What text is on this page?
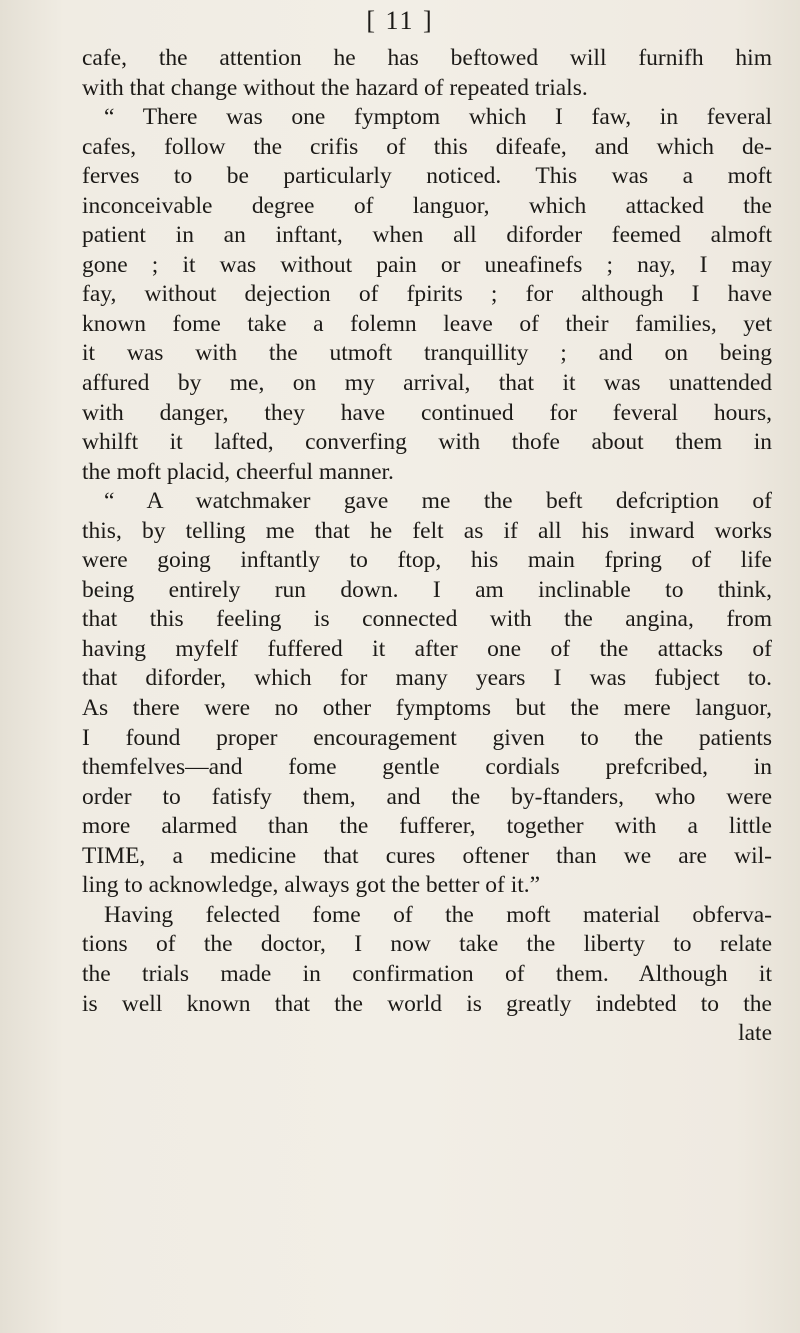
[ 11 ]
cafe, the attention he has beftowed will furnifh him
with that change without the hazard of repeated trials.
“ There was one fymptom which I faw, in feveral
cafes, follow the crifis of this difeafe, and which de-
ferves to be particularly noticed. This was a moft
inconceivable degree of languor, which attacked the
patient in an inftant, when all diforder feemed almoft
gone ; it was without pain or uneafinefs ; nay, I may
fay, without dejection of fpirits ; for although I have
known fome take a folemn leave of their families, yet
it was with the utmoft tranquillity ; and on being
affured by me, on my arrival, that it was unattended
with danger, they have continued for feveral hours,
whilft it lafted, converfing with thofe about them in
the moft placid, cheerful manner.
“ A watchmaker gave me the beft defcription of
this, by telling me that he felt as if all his inward works
were going inftantly to ftop, his main fpring of life
being entirely run down. I am inclinable to think,
that this feeling is connected with the angina, from
having myfelf fuffered it after one of the attacks of
that diforder, which for many years I was fubject to.
As there were no other fymptoms but the mere languor,
I found proper encouragement given to the patients
themfelves—and fome gentle cordials prefcribed, in
order to fatisfy them, and the by-ftanders, who were
more alarmed than the fufferer, together with a little
TIME, a medicine that cures oftener than we are wil-
ling to acknowledge, always got the better of it.”
Having felected fome of the moft material obferva-
tions of the doctor, I now take the liberty to relate
the trials made in confirmation of them. Although it
is well known that the world is greatly indebted to the
late
